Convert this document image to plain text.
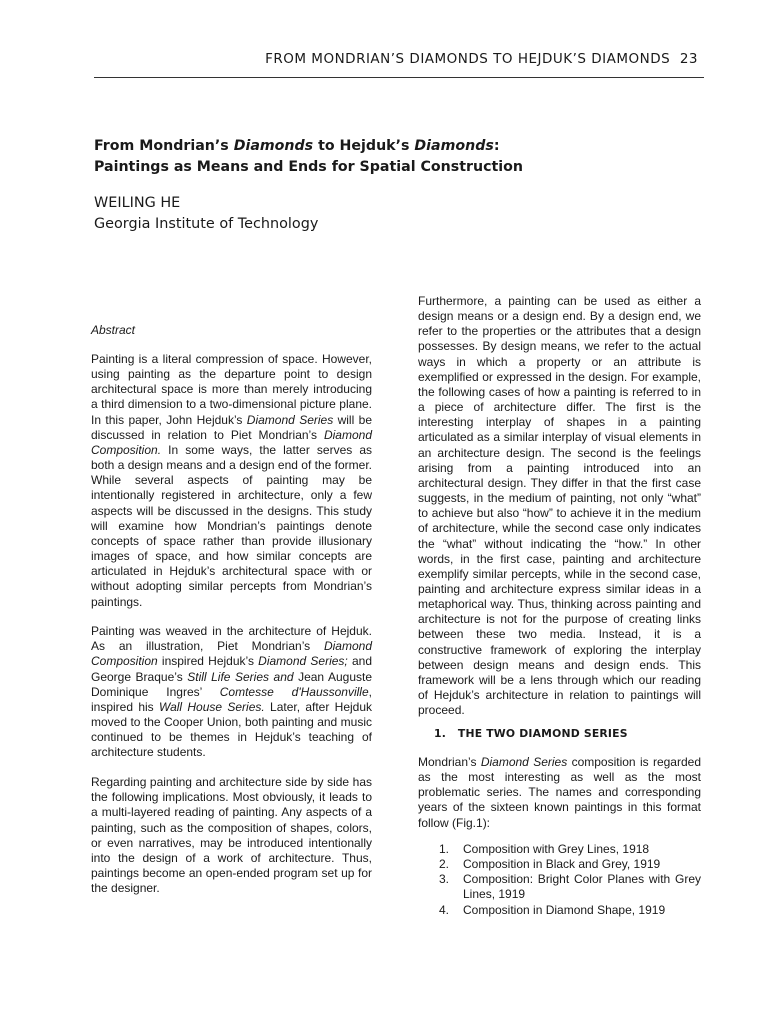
FROM MONDRIAN’S DIAMONDS TO HEJDUK’S DIAMONDS 23
From Mondrian’s Diamonds to Hejduk’s Diamonds:
Paintings as Means and Ends for Spatial Construction
WEILING HE
Georgia Institute of Technology
Abstract

Painting is a literal compression of space. However, using painting as the departure point to design architectural space is more than merely introducing a third dimension to a two-dimensional picture plane. In this paper, John Hejduk’s Diamond Series will be discussed in relation to Piet Mondrian’s Diamond Composition. In some ways, the latter serves as both a design means and a design end of the former. While several aspects of painting may be intentionally registered in architecture, only a few aspects will be discussed in the designs. This study will examine how Mondrian’s paintings denote concepts of space rather than provide illusionary images of space, and how similar concepts are articulated in Hejduk’s architectural space with or without adopting similar percepts from Mondrian’s paintings.

Painting was weaved in the architecture of Hejduk. As an illustration, Piet Mondrian’s Diamond Composition inspired Hejduk’s Diamond Series; and George Braque’s Still Life Series and Jean Auguste Dominique Ingres’ Comtesse d'Haussonville, inspired his Wall House Series. Later, after Hejduk moved to the Cooper Union, both painting and music continued to be themes in Hejduk’s teaching of architecture students.

Regarding painting and architecture side by side has the following implications. Most obviously, it leads to a multi-layered reading of painting. Any aspects of a painting, such as the composition of shapes, colors, or even narratives, may be introduced intentionally into the design of a work of architecture. Thus, paintings become an open-ended program set up for the designer.

Furthermore, a painting can be used as either a design means or a design end. By a design end, we refer to the properties or the attributes that a design possesses. By design means, we refer to the actual ways in which a property or an attribute is exemplified or expressed in the design. For example, the following cases of how a painting is referred to in a piece of architecture differ. The first is the interesting interplay of shapes in a painting articulated as a similar interplay of visual elements in an architecture design. The second is the feelings arising from a painting introduced into an architectural design. They differ in that the first case suggests, in the medium of painting, not only “what” to achieve but also “how” to achieve it in the medium of architecture, while the second case only indicates the “what” without indicating the “how.” In other words, in the first case, painting and architecture exemplify similar percepts, while in the second case, painting and architecture express similar ideas in a metaphorical way. Thus, thinking across painting and architecture is not for the purpose of creating links between these two media. Instead, it is a constructive framework of exploring the interplay between design means and design ends. This framework will be a lens through which our reading of Hejduk’s architecture in relation to paintings will proceed.

1.   THE TWO DIAMOND SERIES

Mondrian’s Diamond Series composition is regarded as the most interesting as well as the most problematic series. The names and corresponding years of the sixteen known paintings in this format follow (Fig.1):

1. Composition with Grey Lines, 1918
2. Composition in Black and Grey, 1919
3. Composition: Bright Color Planes with Grey Lines, 1919
4. Composition in Diamond Shape, 1919
